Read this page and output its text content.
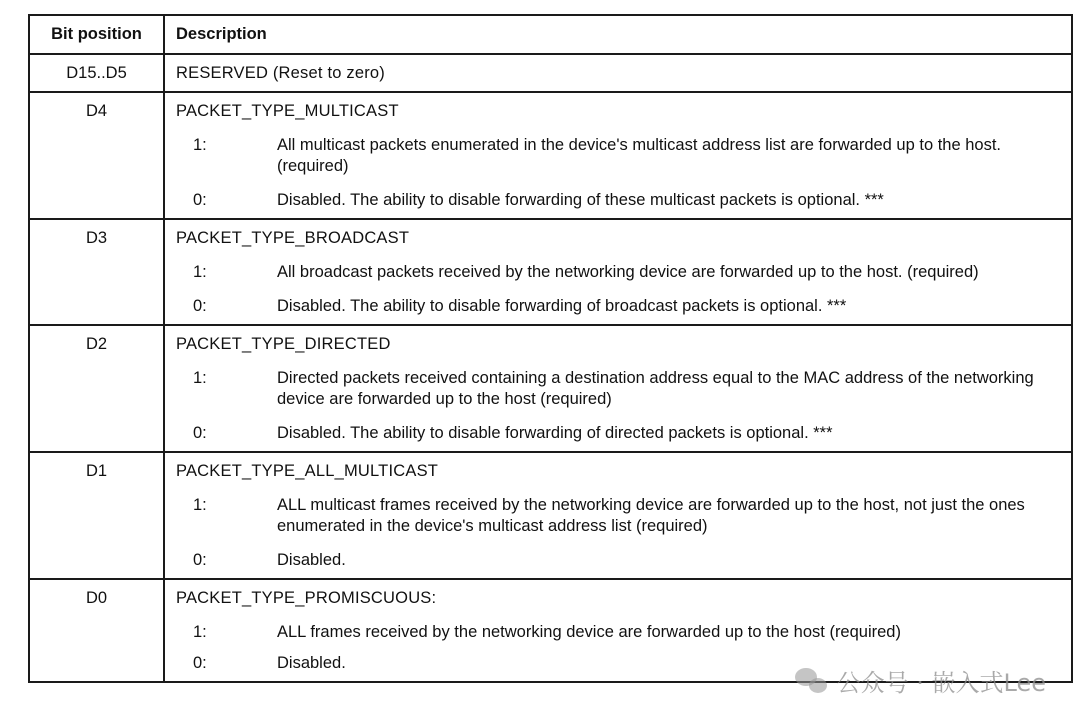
Bit position	Description
D15..D5	RESERVED (Reset to zero)

D4	PACKET_TYPE_MULTICAST
1: All multicast packets enumerated in the device's multicast address list are forwarded up to the host. (required)
0: Disabled. The ability to disable forwarding of these multicast packets is optional. ***

D3	PACKET_TYPE_BROADCAST
1: All broadcast packets received by the networking device are forwarded up to the host. (required)
0: Disabled. The ability to disable forwarding of broadcast packets is optional. ***

D2	PACKET_TYPE_DIRECTED
1: Directed packets received containing a destination address equal to the MAC address of the networking device are forwarded up to the host (required)
0: Disabled. The ability to disable forwarding of directed packets is optional. ***

D1	PACKET_TYPE_ALL_MULTICAST
1: ALL multicast frames received by the networking device are forwarded up to the host, not just the ones enumerated in the device's multicast address list (required)
0: Disabled.

D0	PACKET_TYPE_PROMISCUOUS:
1: ALL frames received by the networking device are forwarded up to the host (required)
0: Disabled.
公众号 · 嵌入式Lee
